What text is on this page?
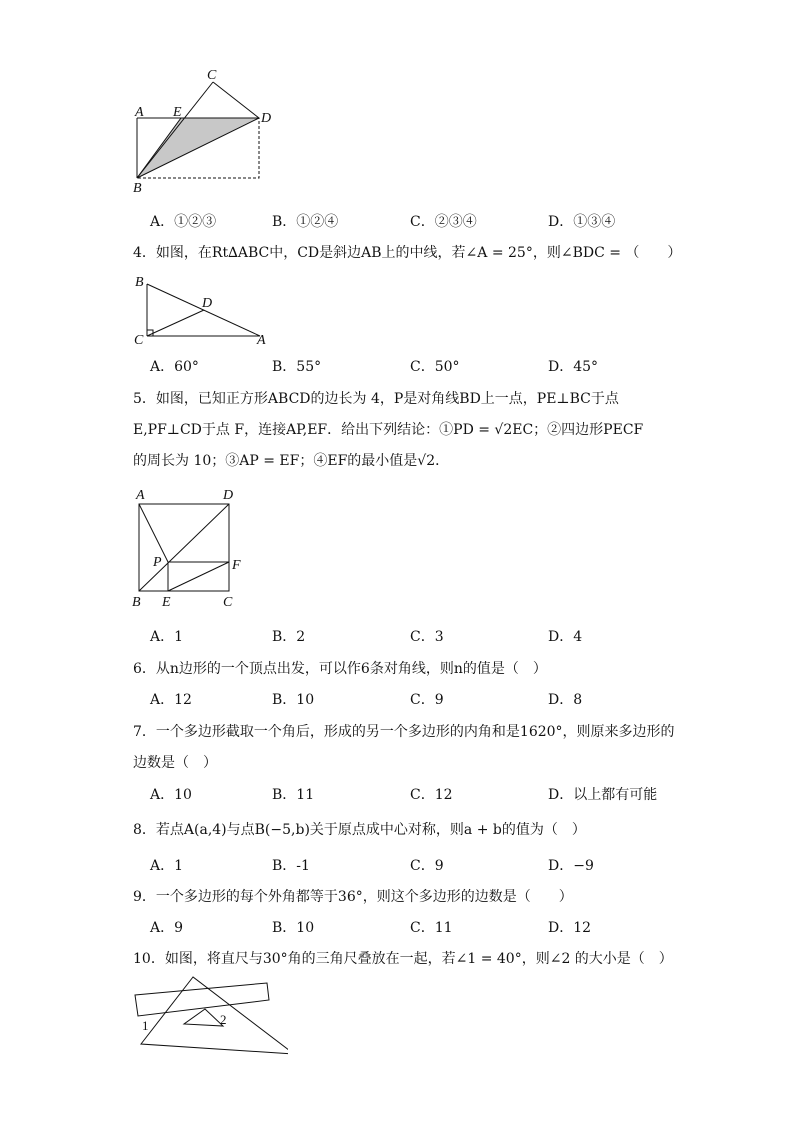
A E
C
D
B
A．①②③	B．①②④	C．②③④	D．①③④
4．如图，在Rt∆ABC中，CD是斜边AB上的中线，若∠A = 25°，则∠BDC = （　　）
B
D
C	A
A．60°	B．55°	C．50°	D．45°
5．如图，已知正方形ABCD的边长为 4，P是对角线BD上一点，PE⊥BC于点
E,PF⊥CD于点 F，连接AP,EF．给出下列结论：①PD = √2EC；②四边形PECF
的周长为 10；③AP = EF；④EF的最小值是√2．
A	D
P	F
B E	C
A．1	B．2	C．3	D．4
6．从n边形的一个顶点出发，可以作6条对角线，则n的值是（　）
A．12	B．10	C．9	D．8
7．一个多边形截取一个角后，形成的另一个多边形的内角和是1620°，则原来多边形的
边数是（　）
A．10	B．11	C．12	D．以上都有可能
8．若点A(a,4)与点B(−5,b)关于原点成中心对称，则a + b的值为（　）
A．1	B．-1	C．9	D．−9
9．一个多边形的每个外角都等于36°，则这个多边形的边数是（　　）
A．9	B．10	C．11	D．12
10．如图，将直尺与30°角的三角尺叠放在一起，若∠1 = 40°，则∠2 的大小是（　）
1	2
